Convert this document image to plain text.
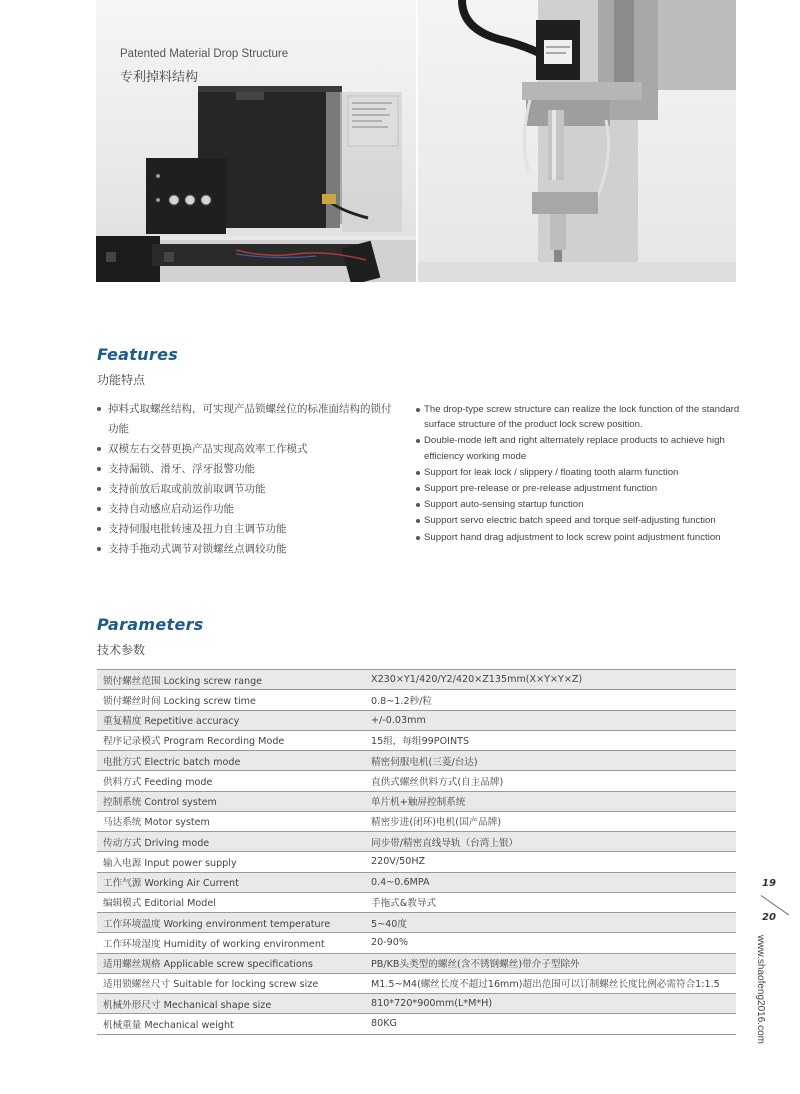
Patented Material Drop Structure
专利掉料结构
Features
功能特点
掉料式取螺丝结构，可实现产品锁螺丝位的标准面结构的锁付功能
双模左右交替更换产品实现高效率工作模式
支持漏锁、滑牙、浮牙报警功能
支持前放后取或前放前取调节功能
支持自动感应启动运作功能
支持伺服电批转速及扭力自主调节功能
支持手拖动式调节对锁螺丝点调较功能
The drop-type screw structure can realize the lock function of the standard surface structure of the product lock screw position.
Double-mode left and right alternately replace products to achieve high efficiency working mode
Support for leak lock / slippery / floating tooth alarm function
Support pre-release or pre-release adjustment function
Support auto-sensing startup function
Support servo electric batch speed and torque self-adjusting function
Support hand drag adjustment to lock screw point adjustment function
Parameters
技术参数
锁付螺丝范围 Locking screw range	X230×Y1/420/Y2/420×Z135mm(X×Y×Y×Z)
锁付螺丝时间 Locking screw time	0.8~1.2秒/粒
重复精度 Repetitive accuracy	+/-0.03mm
程序记录模式 Program Recording Mode	15组，每组99POINTS
电批方式 Electric batch mode	精密伺服电机(三菱/台达)
供料方式 Feeding mode	直供式螺丝供料方式(自主品牌)
控制系统 Control system	单片机+触屏控制系统
马达系统 Motor system	精密步进(闭环)电机(国产品牌)
传动方式 Driving mode	同步带/精密直线导轨（台湾上银）
输入电源 Input power supply	220V/50HZ
工作气源 Working Air Current	0.4~0.6MPA
编辑模式 Editorial Model	手拖式&教导式
工作环境温度 Working environment temperature	5~40度
工作环境湿度 Humidity of working environment	20-90%
适用螺丝规格 Applicable screw specifications	PB/KB头类型的螺丝(含不锈钢螺丝)带介子型除外
适用锁螺丝尺寸 Suitable for locking screw size	M1.5~M4(螺丝长度不超过16mm)超出范围可以订制螺丝长度比例必需符合1:1.5
机械外形尺寸 Mechanical shape size	810*720*900mm(L*M*H)
机械重量 Mechanical weight	80KG
19
20
www.shaofeng2016.com
